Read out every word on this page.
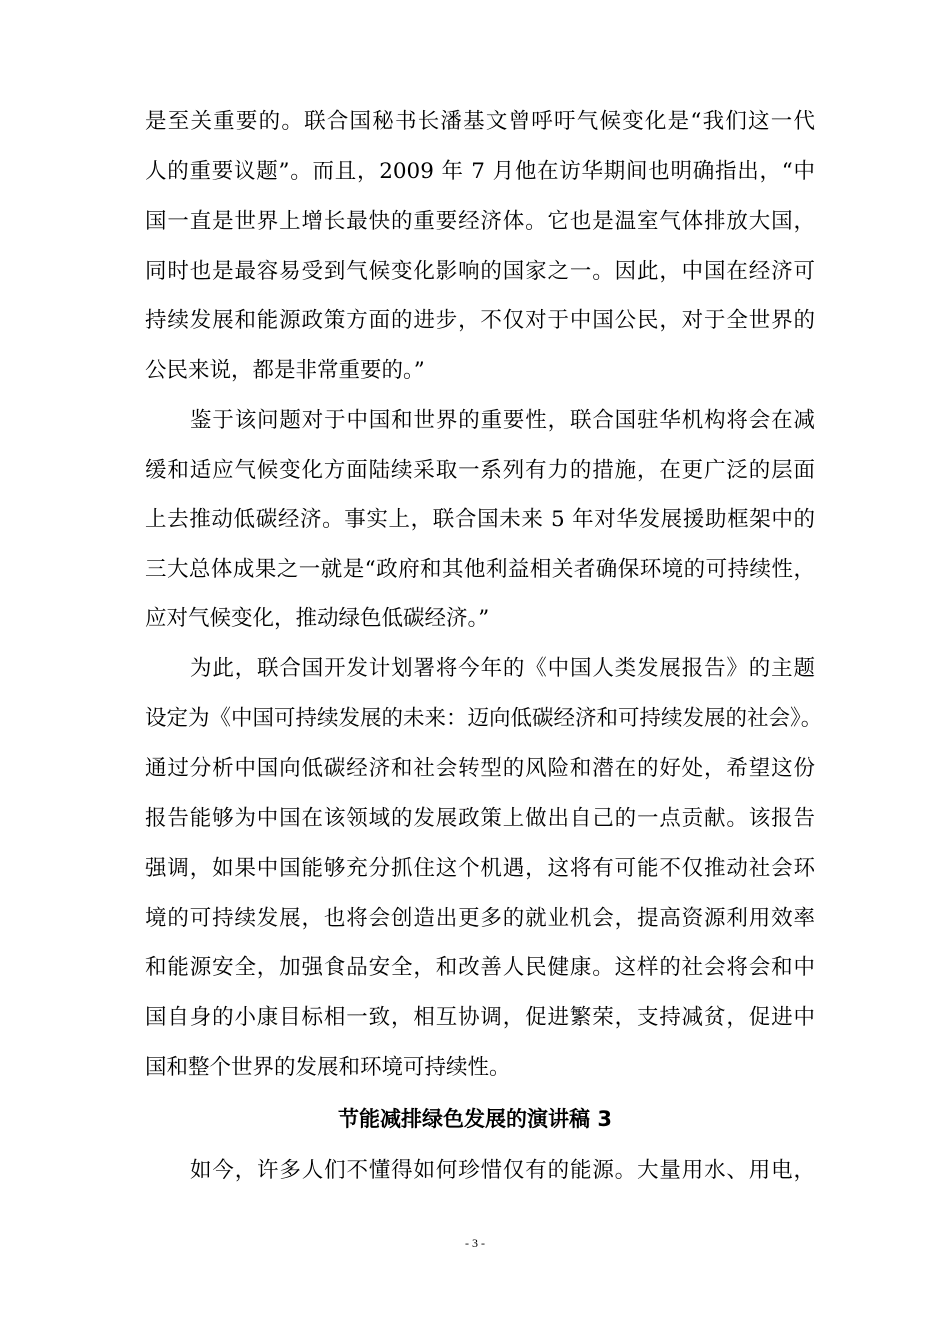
是至关重要的。联合国秘书长潘基文曾呼吁气候变化是“我们这一代
人的重要议题”。而且，2009 年 7 月他在访华期间也明确指出，“中
国一直是世界上增长最快的重要经济体。它也是温室气体排放大国，
同时也是最容易受到气候变化影响的国家之一。因此，中国在经济可
持续发展和能源政策方面的进步，不仅对于中国公民，对于全世界的
公民来说，都是非常重要的。”
鉴于该问题对于中国和世界的重要性，联合国驻华机构将会在减
缓和适应气候变化方面陆续采取一系列有力的措施，在更广泛的层面
上去推动低碳经济。事实上，联合国未来 5 年对华发展援助框架中的
三大总体成果之一就是“政府和其他利益相关者确保环境的可持续性，
应对气候变化，推动绿色低碳经济。”
为此，联合国开发计划署将今年的《中国人类发展报告》的主题
设定为《中国可持续发展的未来：迈向低碳经济和可持续发展的社会》。
通过分析中国向低碳经济和社会转型的风险和潜在的好处，希望这份
报告能够为中国在该领域的发展政策上做出自己的一点贡献。该报告
强调，如果中国能够充分抓住这个机遇，这将有可能不仅推动社会环
境的可持续发展，也将会创造出更多的就业机会，提高资源利用效率
和能源安全，加强食品安全，和改善人民健康。这样的社会将会和中
国自身的小康目标相一致，相互协调，促进繁荣，支持减贫，促进中
国和整个世界的发展和环境可持续性。
节能减排绿色发展的演讲稿 3
如今，许多人们不懂得如何珍惜仅有的能源。大量用水、用电，
- 3 -
